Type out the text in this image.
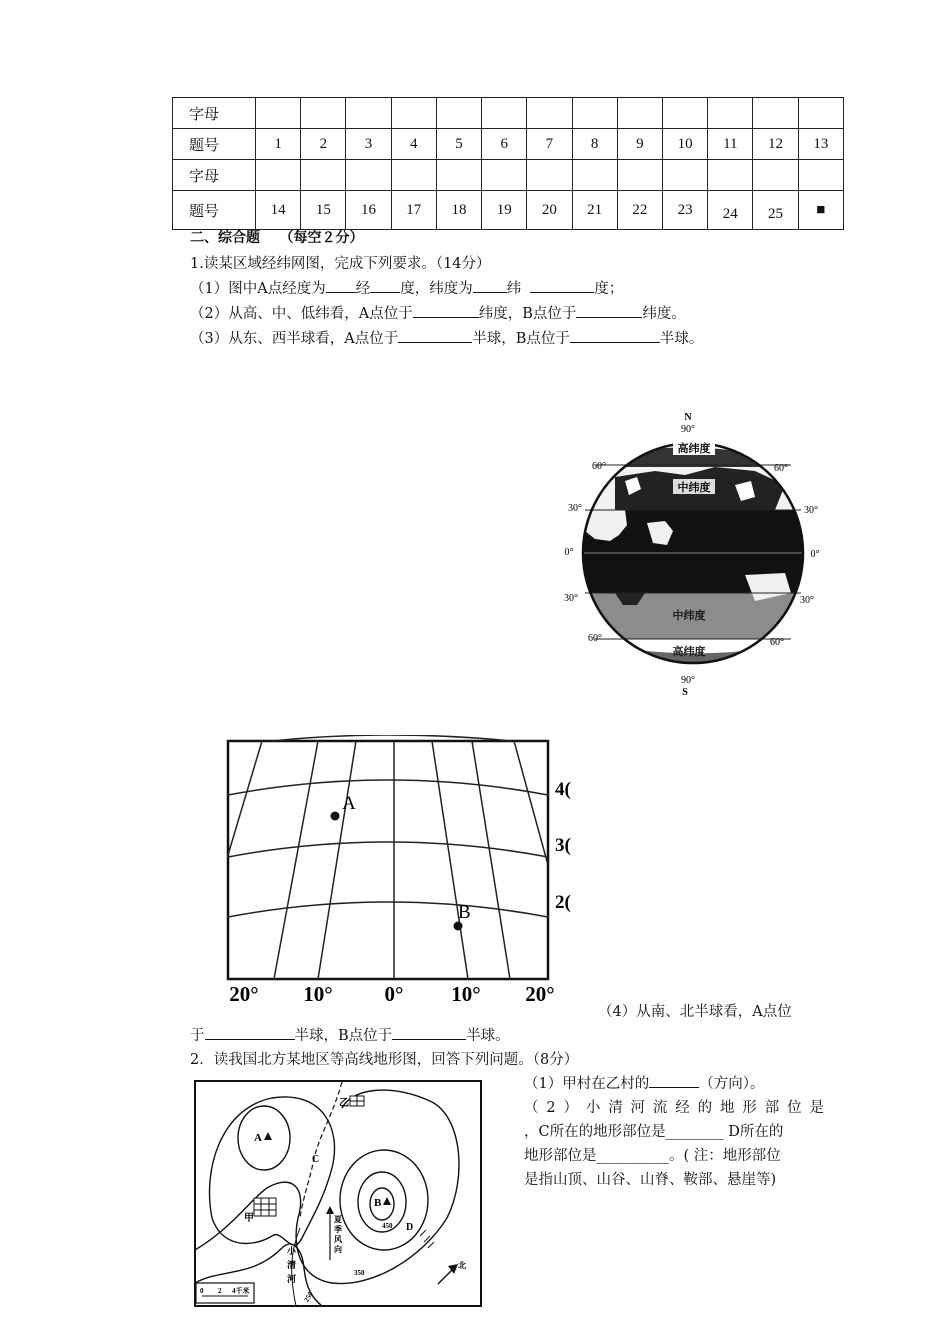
字母													
题号	1	2	3	4	5	6	7	8	9	10	11	12	13
字母													
题号	14	15	16	17	18	19	20	21	22	23	24	25	■
二、综合题 （每空２分）
1.读某区域经纬网图，完成下列要求。（14分）
（1）图中A点经度为 经 度，纬度为 纬	度；
（2）从高、中、低纬看，A点位于	纬度，B点位于	纬度。
（3）从东、西半球看，A点位于	半球，B点位于	半球。
高纬度
中纬度
中纬度
高纬度
N
90°
90°
S
60°	60°
30°	30°
0°	0°
30°	30°
60°	60°
A
B
4(
3(
2(
20° 10° 0° 10° 20°
（4）从南、北半球看，A点位
于	半球，B点位于	半球。
2．读我国北方某地区等高线地形图，回答下列问题。（8分）
乙
甲
A
B
C
D
450
350
250
小
清
河
夏
季
风
向
北
0 2 4千米
（1）甲村在乙村的	（方向）。
（2）小清河流经的地形部位是
，C所在的地形部位是________ D所在的
地形部位是__________。( 注：地形部位
是指山顶、山谷、山脊、鞍部、悬崖等)
